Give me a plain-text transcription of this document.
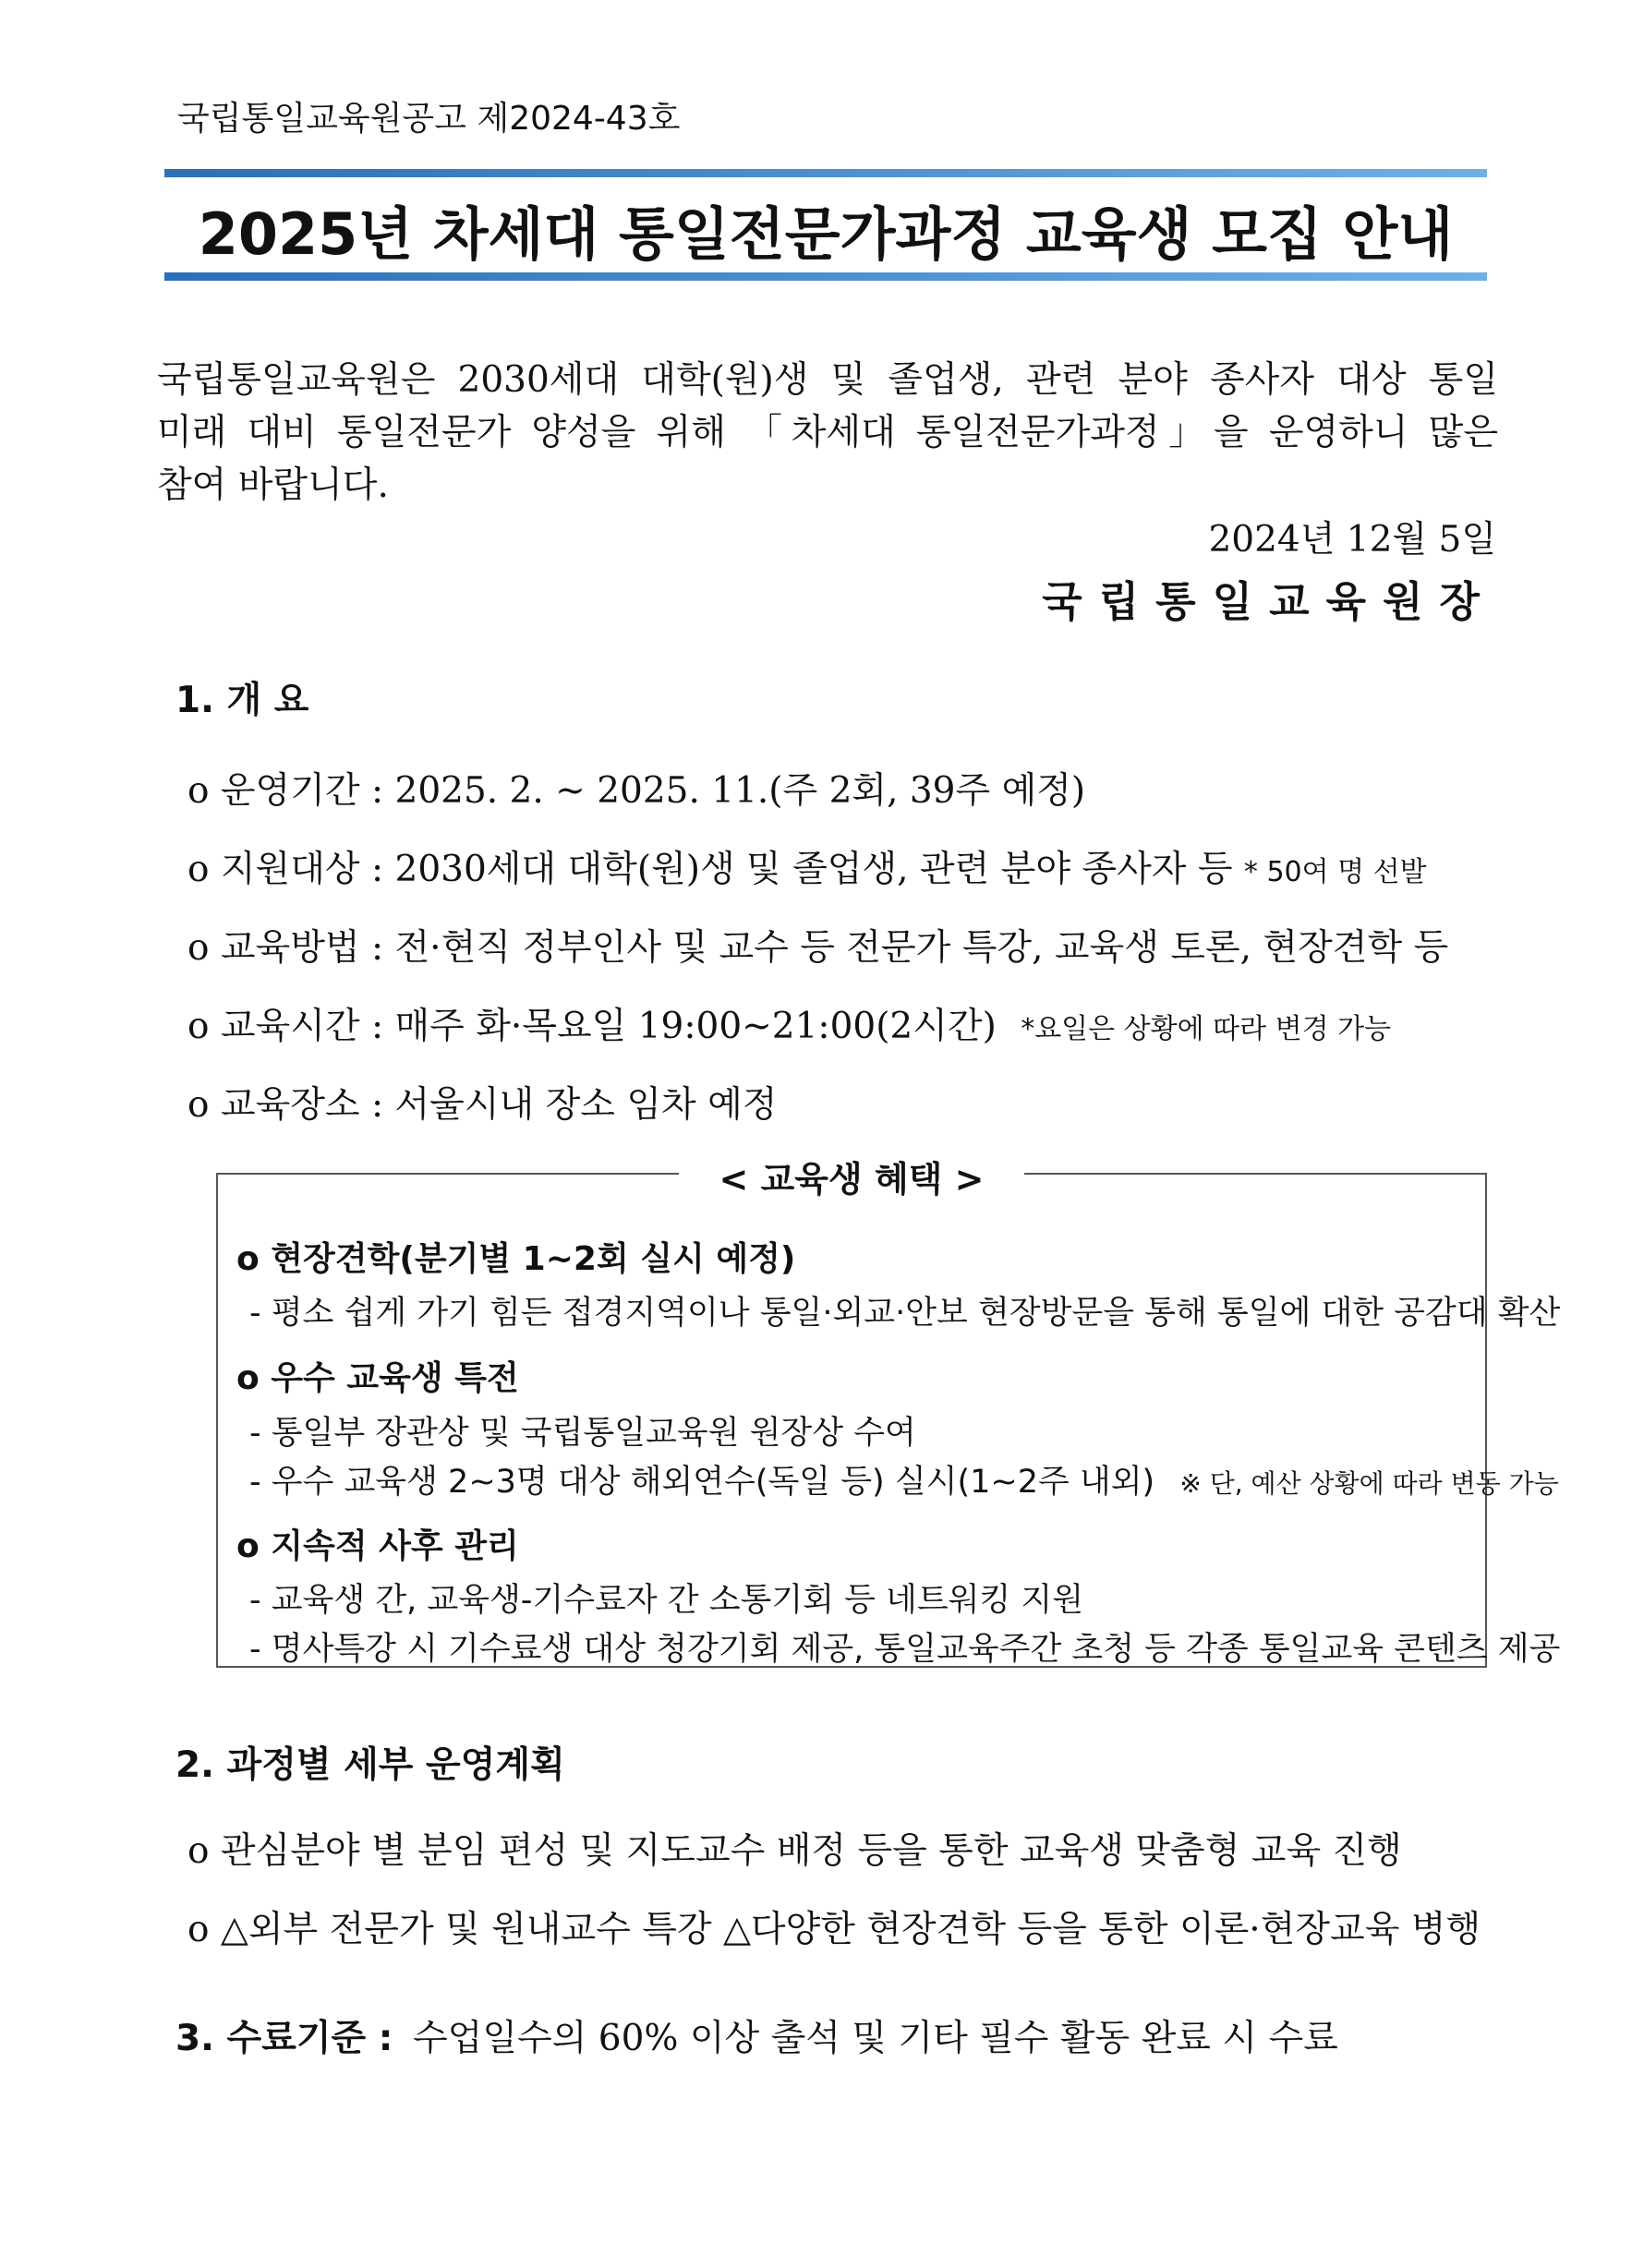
국립통일교육원공고 제2024-43호
2025년 차세대 통일전문가과정 교육생 모집 안내
국립통일교육원은 2030세대 대학(원)생 및 졸업생, 관련 분야 종사자 대상 통일
미래 대비 통일전문가 양성을 위해 「차세대 통일전문가과정」을 운영하니 많은
참여 바랍니다.
2024년 12월 5일
국립통일교육원장
1. 개 요
o 운영기간 : 2025. 2. ~ 2025. 11.(주 2회, 39주 예정)
o 지원대상 : 2030세대 대학(원)생 및 졸업생, 관련 분야 종사자 등 * 50여 명 선발
o 교육방법 : 전·현직 정부인사 및 교수 등 전문가 특강, 교육생 토론, 현장견학 등
o 교육시간 : 매주 화·목요일 19:00~21:00(2시간) *요일은 상황에 따라 변경 가능
o 교육장소 : 서울시내 장소 임차 예정
< 교육생 혜택 >
o 현장견학(분기별 1~2회 실시 예정)
- 평소 쉽게 가기 힘든 접경지역이나 통일·외교·안보 현장방문을 통해 통일에 대한 공감대 확산
o 우수 교육생 특전
- 통일부 장관상 및 국립통일교육원 원장상 수여
- 우수 교육생 2~3명 대상 해외연수(독일 등) 실시(1~2주 내외) ※ 단, 예산 상황에 따라 변동 가능
o 지속적 사후 관리
- 교육생 간, 교육생-기수료자 간 소통기회 등 네트워킹 지원
- 명사특강 시 기수료생 대상 청강기회 제공, 통일교육주간 초청 등 각종 통일교육 콘텐츠 제공
2. 과정별 세부 운영계획
o 관심분야 별 분임 편성 및 지도교수 배정 등을 통한 교육생 맞춤형 교육 진행
o △외부 전문가 및 원내교수 특강 △다양한 현장견학 등을 통한 이론·현장교육 병행
3. 수료기준 : 수업일수의 60% 이상 출석 및 기타 필수 활동 완료 시 수료
